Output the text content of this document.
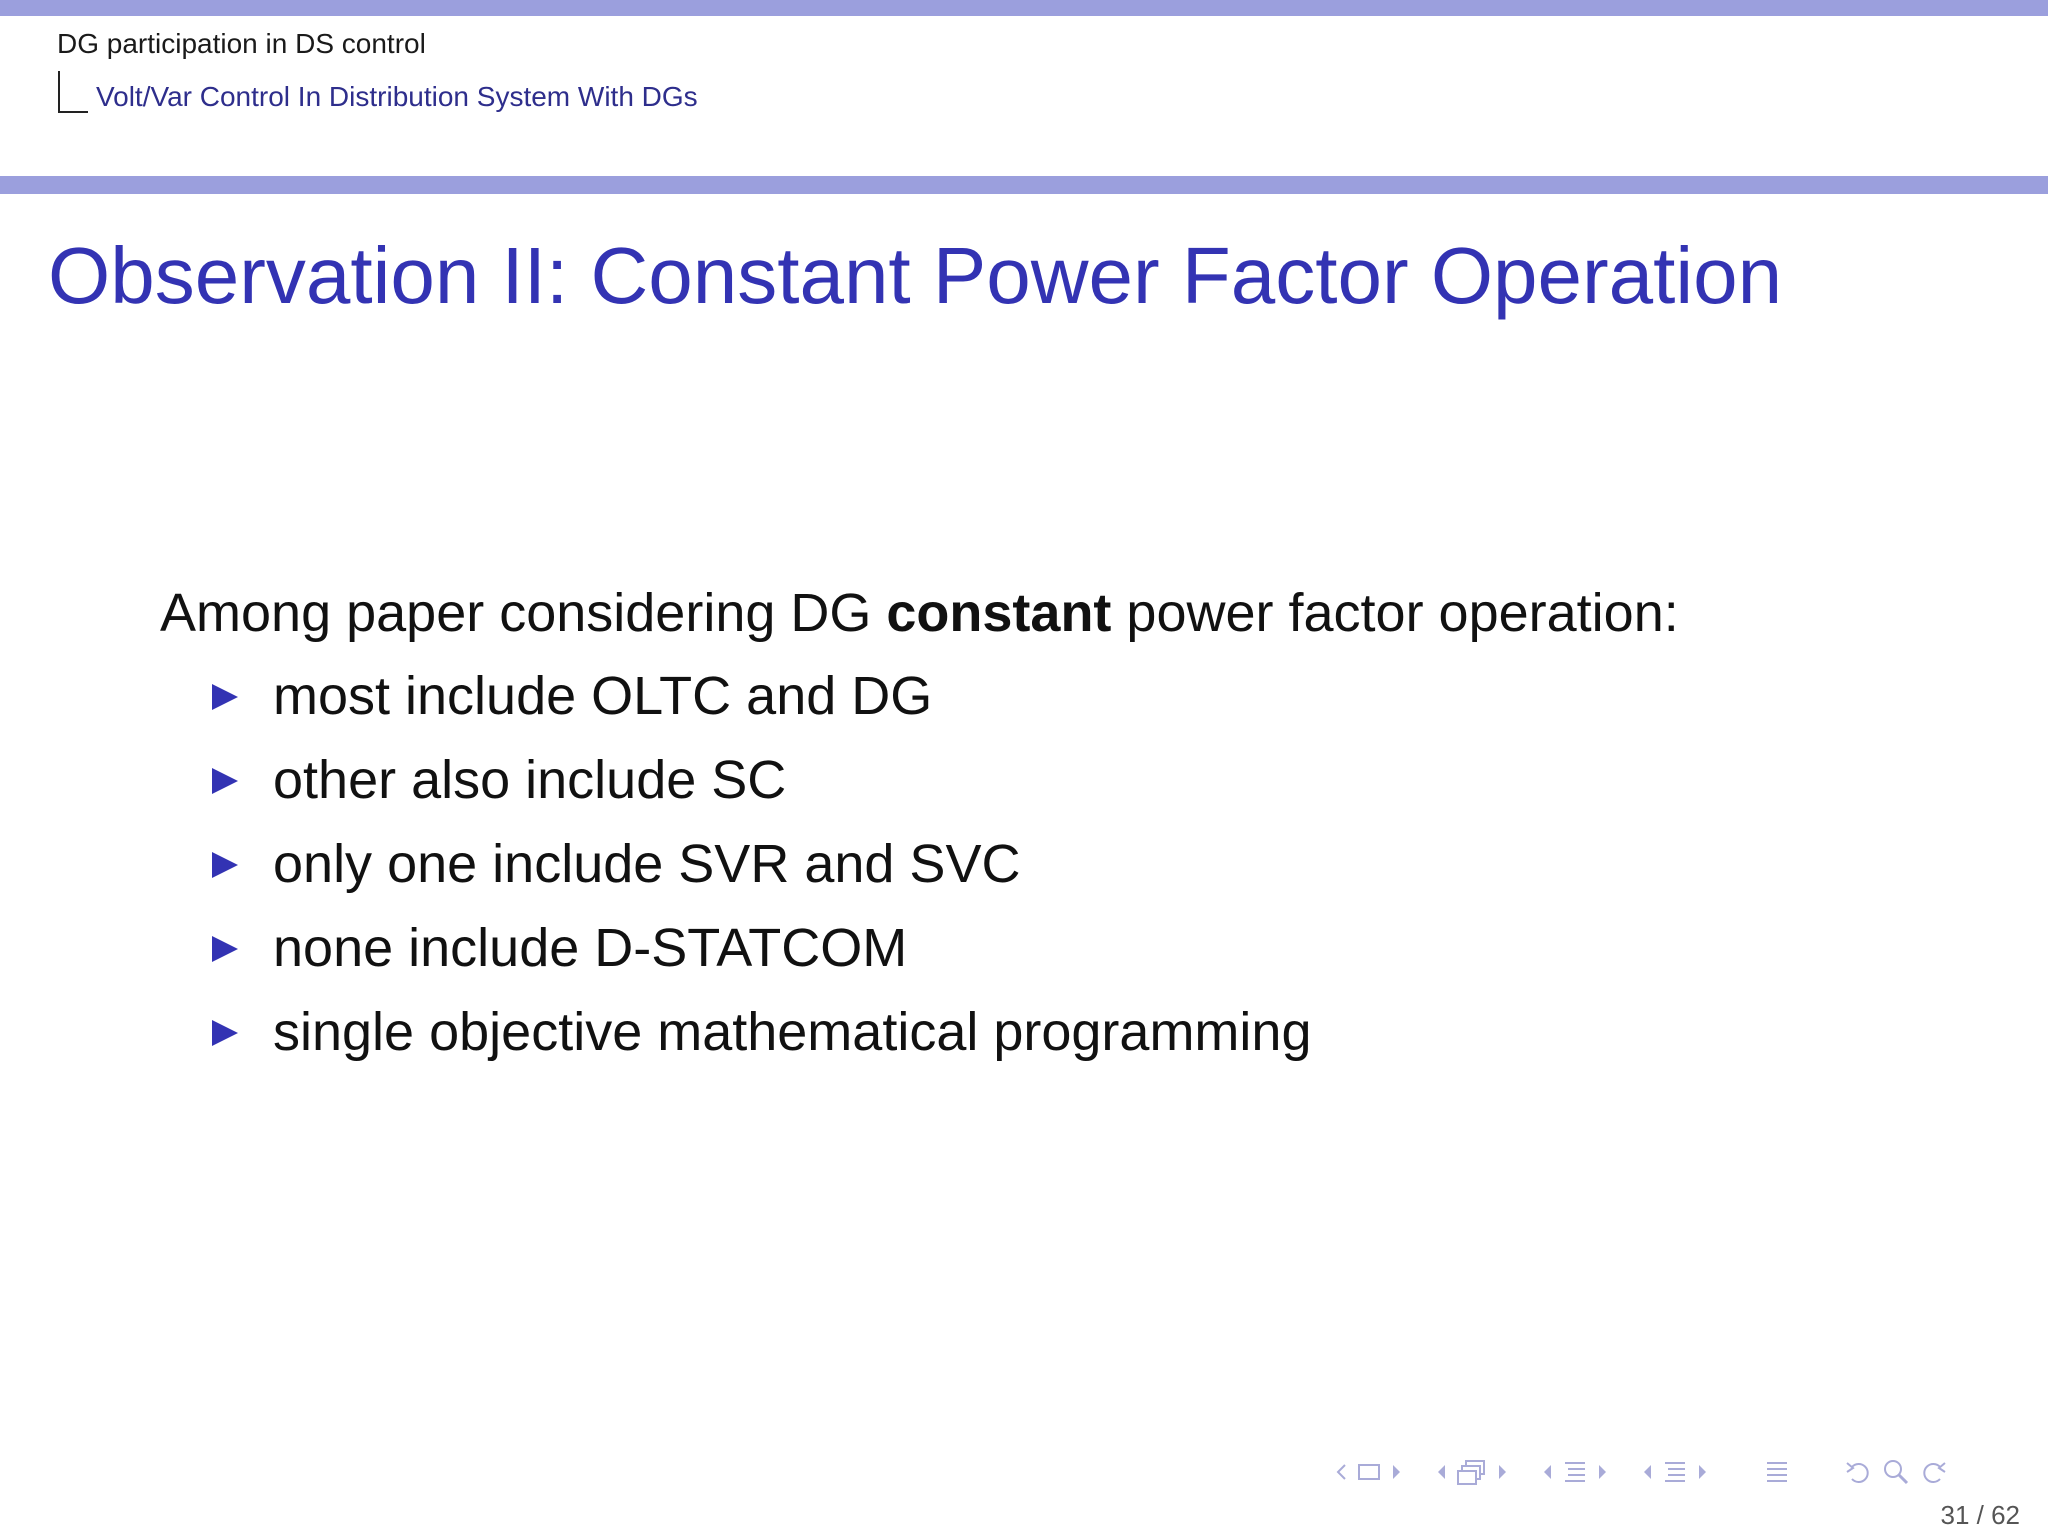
DG participation in DS control
Volt/Var Control In Distribution System With DGs
Observation II: Constant Power Factor Operation
Among paper considering DG constant power factor operation:
most include OLTC and DG
other also include SC
only one include SVR and SVC
none include D-STATCOM
single objective mathematical programming
31 / 62
